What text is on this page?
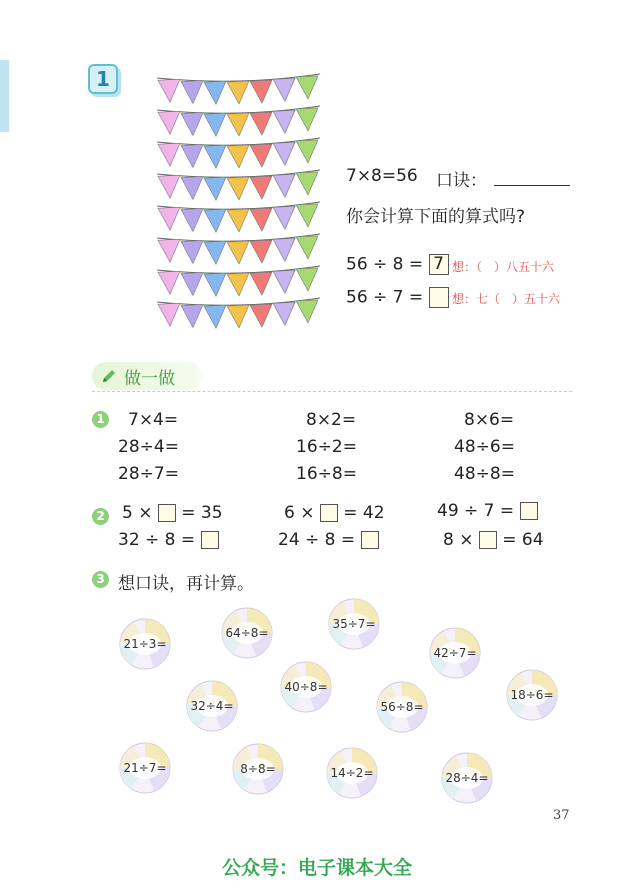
1
7×8=56 口诀：
你会计算下面的算式吗?
56 ÷ 8 = 7 想：（　）八五十六
56 ÷ 7 =	想：七（　）五十六
做一做
1 7×4=	8×2=	8×6=
28÷4=	16÷2=	48÷6=
28÷7=	16÷8=	48÷8=
2 5 × = 35	6 × = 42	49 ÷ 7 =
32 ÷ 8 =	24 ÷ 8 =	8 × = 64
3 想口诀，再计算。
21÷3=
64÷8=
35÷7=
42÷7=
32÷4=
40÷8=
56÷8=
18÷6=
21÷7=	8÷8=	14÷2=	28÷4=
37
公众号：电子课本大全
